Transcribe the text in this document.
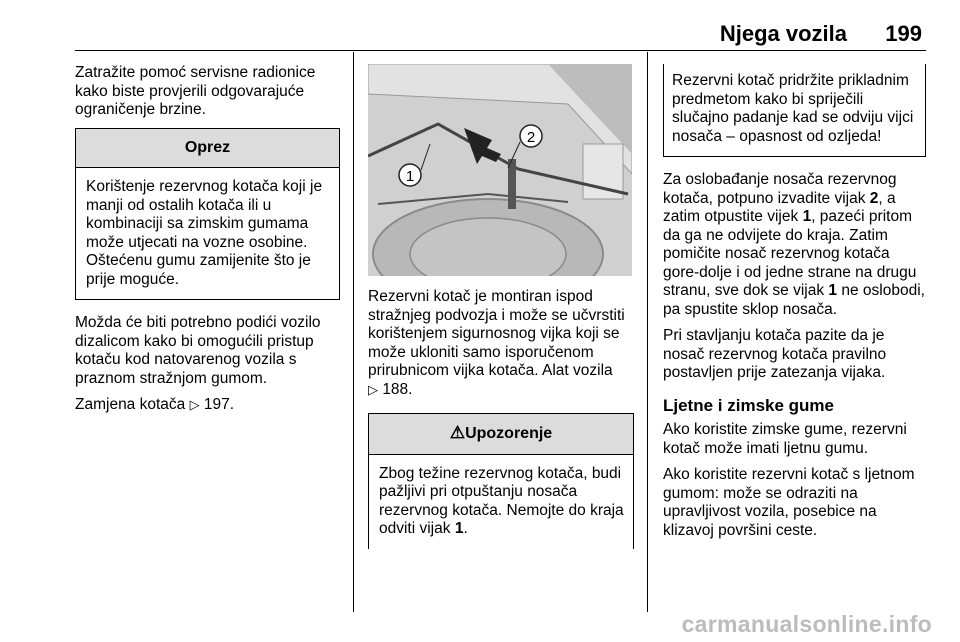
Njega vozila 199

Zatražite pomoć servisne radionice kako biste provjerili odgovarajuće ograničenje brzine.

Oprez
Korištenje rezervnog kotača koji je manji od ostalih kotača ili u kombinaciji sa zimskim gumama može utjecati na vozne osobine. Oštećenu gumu zamijenite što je prije moguće.

Možda će biti potrebno podići vozilo dizalicom kako bi omogućili pristup kotaču kod natovarenog vozila s praznom stražnjom gumom.

Zamjena kotača ▷ 197.

2
1

Rezervni kotač je montiran ispod stražnjeg podvozja i može se učvrstiti korištenjem sigurnosnog vijka koji se može ukloniti samo isporučenom prirubnicom vijka kotača. Alat vozila
▷ 188.

⚠Upozorenje
Zbog težine rezervnog kotača, budi pažljivi pri otpuštanju nosača rezervnog kotača. Nemojte do kraja odviti vijak 1.
Rezervni kotač pridržite prikladnim predmetom kako bi spriječili slučajno padanje kad se odviju vijci nosača – opasnost od ozljeda!

Za oslobađanje nosača rezervnog kotača, potpuno izvadite vijak 2, a zatim otpustite vijek 1, pazeći pritom da ga ne odvijete do kraja. Zatim pomičite nosač rezervnog kotača gore-dolje i od jedne strane na drugu stranu, sve dok se vijak 1 ne oslobodi, pa spustite sklop nosača.

Pri stavljanju kotača pazite da je nosač rezervnog kotača pravilno postavljen prije zatezanja vijaka.

Ljetne i zimske gume

Ako koristite zimske gume, rezervni kotač može imati ljetnu gumu.

Ako koristite rezervni kotač s ljetnom gumom: može se odraziti na upravljivost vozila, posebice na klizavoj površini ceste.

carmanualsonline.info
